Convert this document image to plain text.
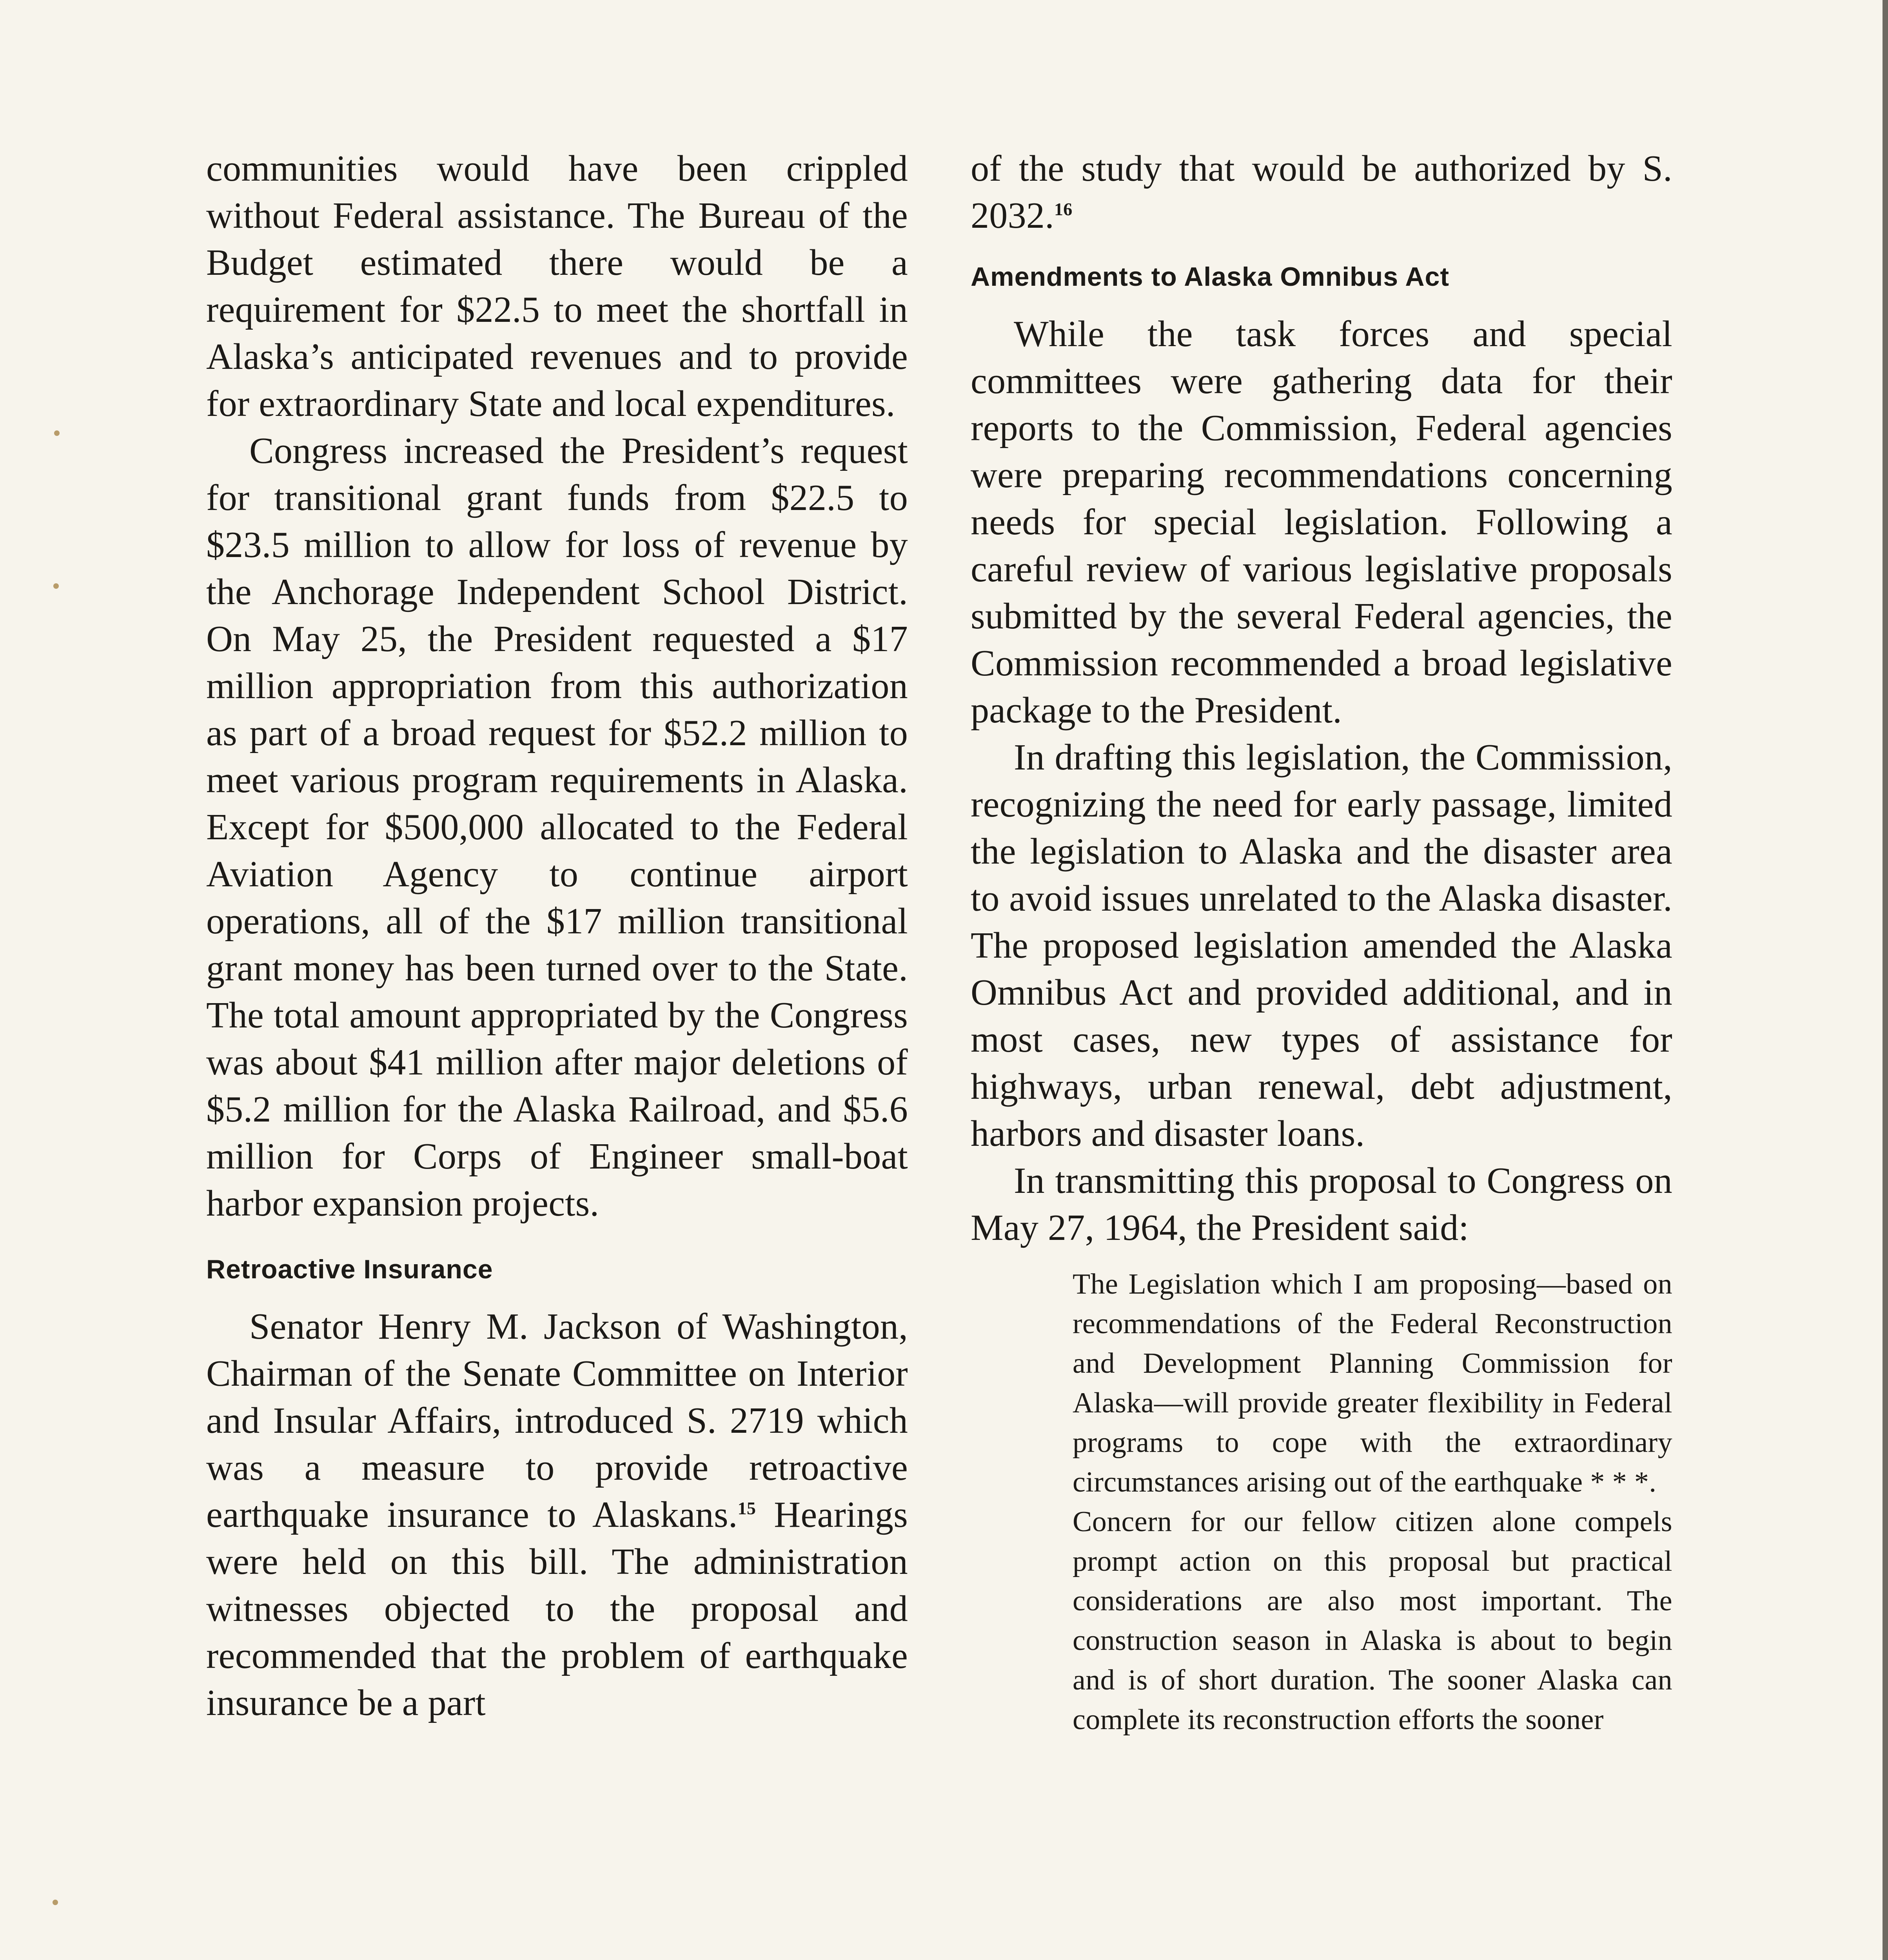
communities would have been crippled without Federal assistance. The Bureau of the Budget estimated there would be a requirement for $22.5 to meet the shortfall in Alaska’s anticipated revenues and to provide for extraordinary State and local expenditures.

Congress increased the President’s request for transitional grant funds from $22.5 to $23.5 million to allow for loss of revenue by the Anchorage Independent School District. On May 25, the President requested a $17 million appropriation from this authorization as part of a broad request for $52.2 million to meet various program requirements in Alaska. Except for $500,000 allocated to the Federal Aviation Agency to continue airport operations, all of the $17 million transitional grant money has been turned over to the State. The total amount appropriated by the Congress was about $41 million after major deletions of $5.2 million for the Alaska Railroad, and $5.6 million for Corps of Engineer small-boat harbor expansion projects.

Retroactive Insurance

Senator Henry M. Jackson of Washington, Chairman of the Senate Committee on Interior and Insular Affairs, introduced S. 2719 which was a measure to provide retroactive earthquake insurance to Alaskans.$^{15}$ Hearings were held on this bill. The administration witnesses objected to the proposal and recommended that the problem of earthquake insurance be a part

of the study that would be authorized by S. 2032.16

Amendments to Alaska Omnibus Act

While the task forces and special committees were gathering data for their reports to the Commission, Federal agencies were preparing recommendations concerning needs for special legislation. Following a careful review of various legislative proposals submitted by the several Federal agencies, the Commission recommended a broad legislative package to the President.

In drafting this legislation, the Commission, recognizing the need for early passage, limited the legislation to Alaska and the disaster area to avoid issues unrelated to the Alaska disaster. The proposed legislation amended the Alaska Omnibus Act and provided additional, and in most cases, new types of assistance for highways, urban renewal, debt adjustment, harbors and disaster loans.

In transmitting this proposal to Congress on May 27, 1964, the President said:

The Legislation which I am proposing—based on recommendations of the Federal Reconstruction and Development Planning Commission for Alaska—will provide greater flexibility in Federal programs to cope with the extraordinary circumstances arising out of the earthquake * * *.

Concern for our fellow citizen alone compels prompt action on this proposal but practical considerations are also most important. The construction season in Alaska is about to begin and is of short duration. The sooner Alaska can complete its reconstruction efforts the sooner
